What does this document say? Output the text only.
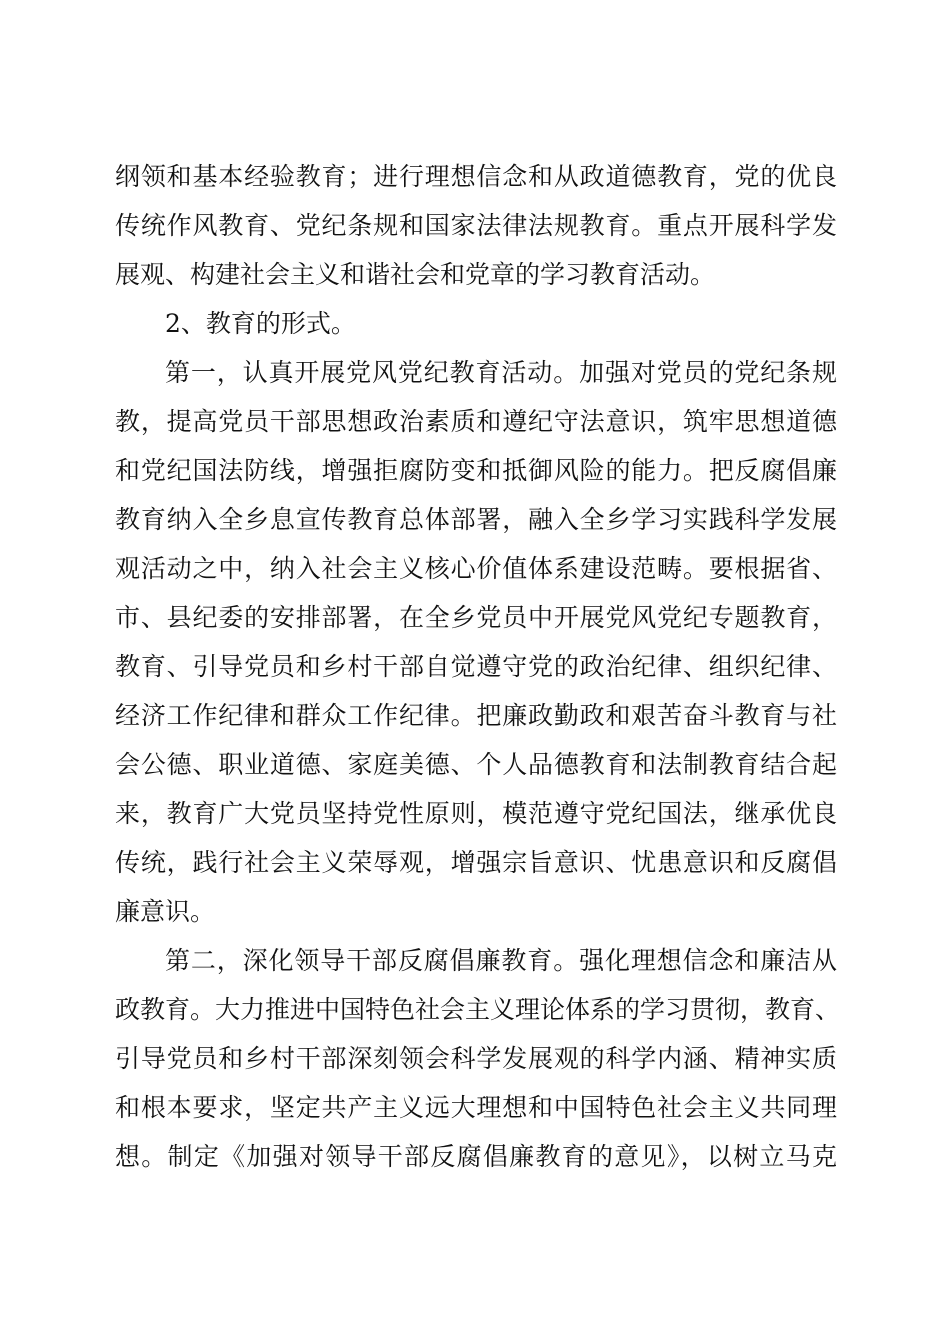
纲领和基本经验教育；进行理想信念和从政道德教育，党的优良
传统作风教育、党纪条规和国家法律法规教育。重点开展科学发
展观、构建社会主义和谐社会和党章的学习教育活动。
2、教育的形式。
第一，认真开展党风党纪教育活动。加强对党员的党纪条规
教，提高党员干部思想政治素质和遵纪守法意识，筑牢思想道德
和党纪国法防线，增强拒腐防变和抵御风险的能力。把反腐倡廉
教育纳入全乡息宣传教育总体部署，融入全乡学习实践科学发展
观活动之中，纳入社会主义核心价值体系建设范畴。要根据省、
市、县纪委的安排部署，在全乡党员中开展党风党纪专题教育，
教育、引导党员和乡村干部自觉遵守党的政治纪律、组织纪律、
经济工作纪律和群众工作纪律。把廉政勤政和艰苦奋斗教育与社
会公德、职业道德、家庭美德、个人品德教育和法制教育结合起
来，教育广大党员坚持党性原则，模范遵守党纪国法，继承优良
传统，践行社会主义荣辱观，增强宗旨意识、忧患意识和反腐倡
廉意识。
第二，深化领导干部反腐倡廉教育。强化理想信念和廉洁从
政教育。大力推进中国特色社会主义理论体系的学习贯彻，教育、
引导党员和乡村干部深刻领会科学发展观的科学内涵、精神实质
和根本要求，坚定共产主义远大理想和中国特色社会主义共同理
想。制定《加强对领导干部反腐倡廉教育的意见》，以树立马克
